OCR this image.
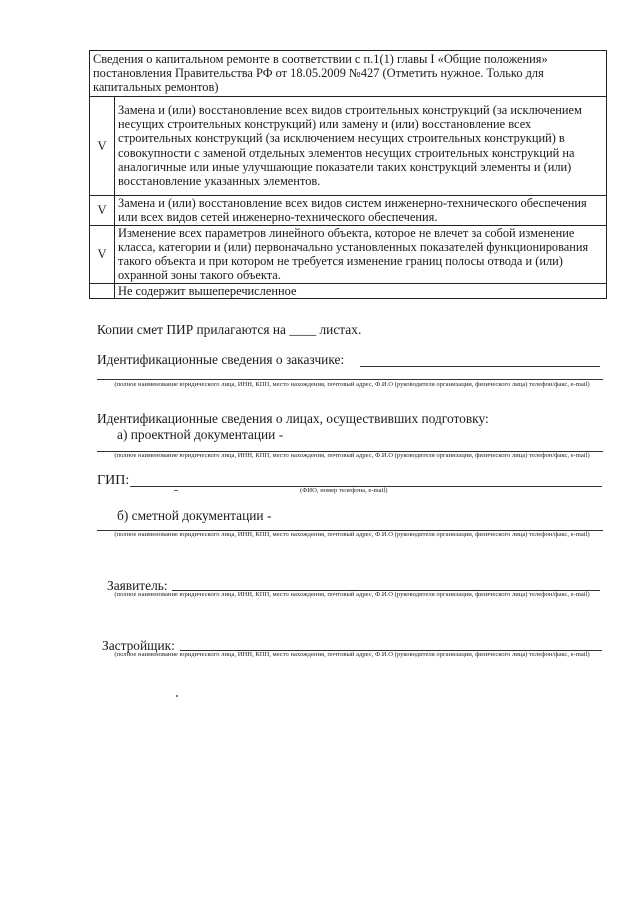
Сведения о капитальном ремонте в соответствии с п.1(1) главы I «Общие положения» постановления Правительства РФ от 18.05.2009 №427 (Отметить нужное. Только для капитальных ремонтов)	
V	Замена и (или) восстановление всех видов строительных конструкций (за исключением несущих строительных конструкций) или замену и (или) восстановление всех строительных конструкций (за исключением несущих строительных конструкций) в совокупности с заменой отдельных элементов несущих строительных конструкций на аналогичные или иные улучшающие показатели таких конструкций элементы и (или) восстановление указанных элементов.
V	Замена и (или) восстановление всех видов систем инженерно-технического обеспечения или всех видов сетей инженерно-технического обеспечения.
V	Изменение всех параметров линейного объекта, которое не влечет за собой изменение класса, категории и (или) первоначально установленных показателей функционирования такого объекта и при котором не требуется изменение границ полосы отвода и (или) охранной зоны такого объекта.
	Не содержит вышеперечисленное
Копии смет ПИР прилагаются на ____ листах.
Идентификационные сведения о заказчике:
(полное наименование юридического лица, ИНН, КПП, место нахождения, почтовый адрес, Ф.И.О (руководителя организации, физического лица) телефон/факс, e-mail)
Идентификационные сведения о лицах, осуществивших подготовку:
а) проектной документации -
(полное наименование юридического лица, ИНН, КПП, место нахождения, почтовый адрес, Ф.И.О (руководителя организации, физического лица) телефон/факс, e-mail)
ГИП:
(ФИО, номер телефона, e-mail)
б) сметной документации -
(полное наименование юридического лица, ИНН, КПП, место нахождения, почтовый адрес, Ф.И.О (руководителя организации, физического лица) телефон/факс, e-mail)
Заявитель:
(полное наименование юридического лица, ИНН, КПП, место нахождения, почтовый адрес, Ф.И.О (руководителя организации, физического лица) телефон/факс, e-mail)
Застройщик:
(полное наименование юридического лица, ИНН, КПП, место нахождения, почтовый адрес, Ф.И.О (руководителя организации, физического лица) телефон/факс, e-mail)
